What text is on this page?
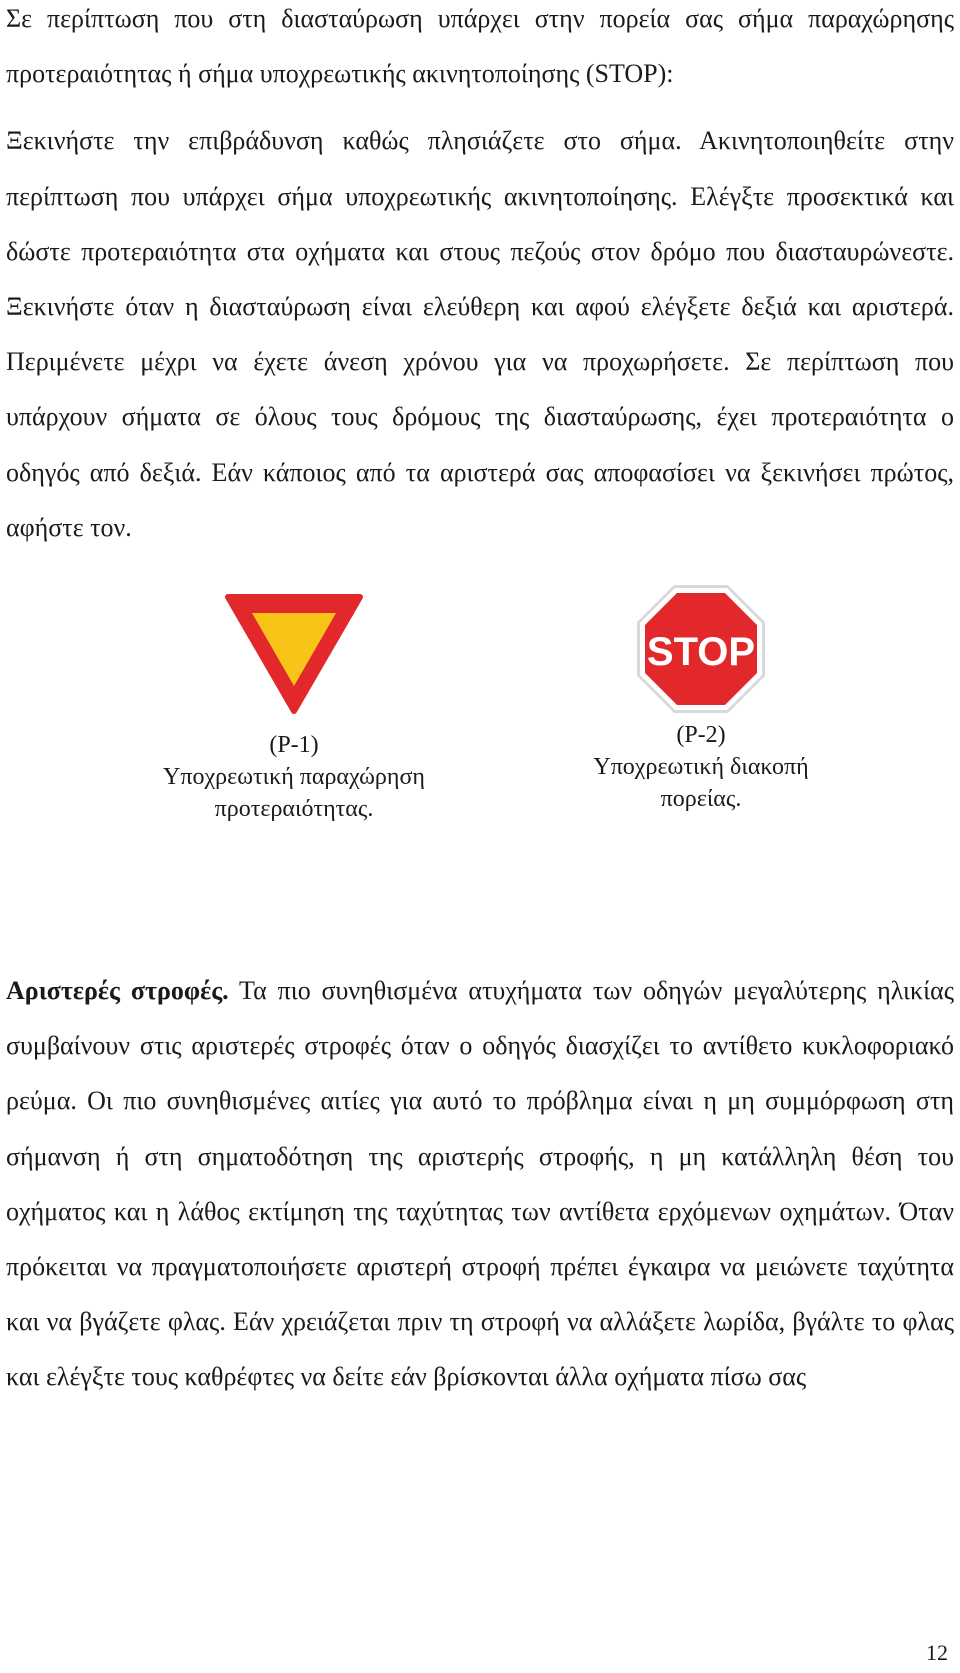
Σε περίπτωση που στη διασταύρωση υπάρχει στην πορεία σας σήμα παραχώρησης προτεραιότητας ή σήμα υποχρεωτικής ακινητοποίησης (STOP):

Ξεκινήστε την επιβράδυνση καθώς πλησιάζετε στο σήμα. Ακινητοποιηθείτε στην περίπτωση που υπάρχει σήμα υποχρεωτικής ακινητοποίησης. Ελέγξτε προσεκτικά και δώστε προτεραιότητα στα οχήματα και στους πεζούς στον δρόμο που διασταυρώνεστε. Ξεκινήστε όταν η διασταύρωση είναι ελεύθερη και αφού ελέγξετε δεξιά και αριστερά. Περιμένετε μέχρι να έχετε άνεση χρόνου για να προχωρήσετε. Σε περίπτωση που υπάρχουν σήματα σε όλους τους δρόμους της διασταύρωσης, έχει προτεραιότητα ο οδηγός από δεξιά. Εάν κάποιος από τα αριστερά σας αποφασίσει να ξεκινήσει πρώτος, αφήστε τον.

(Ρ-1)
Υποχρεωτική παραχώρηση
προτεραιότητας.
STOP
(Ρ-2)
Υποχρεωτική διακοπή
πορείας.

Αριστερές στροφές. Τα πιο συνηθισμένα ατυχήματα των οδηγών μεγαλύτερης ηλικίας συμβαίνουν στις αριστερές στροφές όταν ο οδηγός διασχίζει το αντίθετο κυκλοφοριακό ρεύμα. Οι πιο συνηθισμένες αιτίες για αυτό το πρόβλημα είναι η μη συμμόρφωση στη σήμανση ή στη σηματοδότηση της αριστερής στροφής, η μη κατάλληλη θέση του οχήματος και η λάθος εκτίμηση της ταχύτητας των αντίθετα ερχόμενων οχημάτων. Όταν πρόκειται να πραγματοποιήσετε αριστερή στροφή πρέπει έγκαιρα να μειώνετε ταχύτητα και να βγάζετε φλας. Εάν χρειάζεται πριν τη στροφή να αλλάξετε λωρίδα, βγάλτε το φλας και ελέγξτε τους καθρέφτες να δείτε εάν βρίσκονται άλλα οχήματα πίσω σας

12
